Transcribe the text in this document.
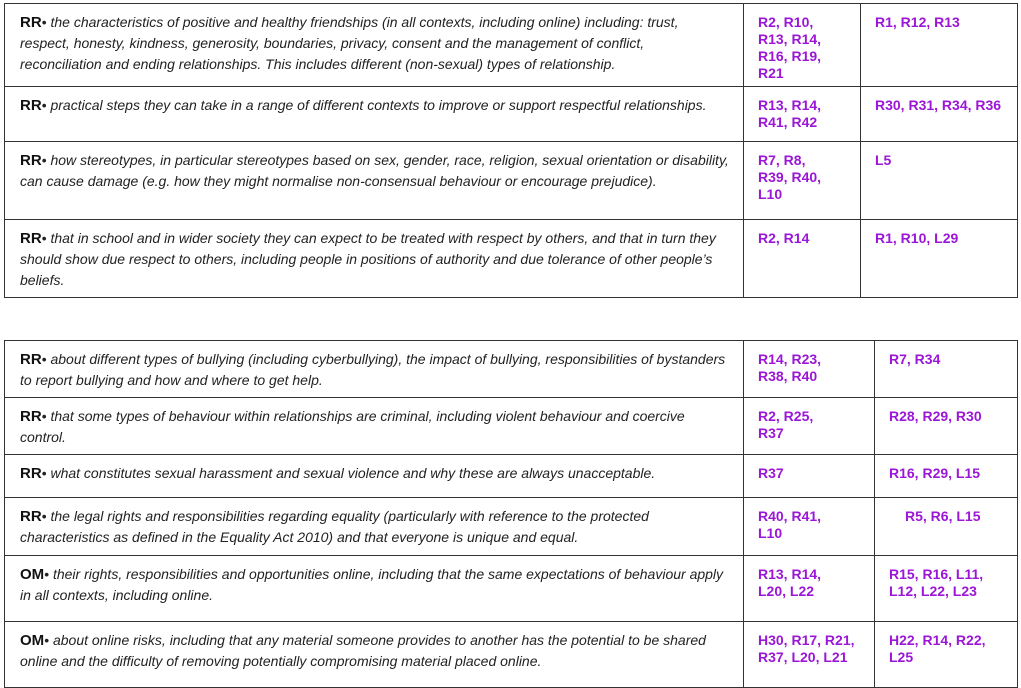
RR• the characteristics of positive and healthy friendships (in all contexts, including online) including: trust, respect, honesty, kindness, generosity, boundaries, privacy, consent and the management of conflict, reconciliation and ending relationships. This includes different (non-sexual) types of relationship.	R2, R10, R13, R14, R16, R19, R21	R1, R12, R13
RR• practical steps they can take in a range of different contexts to improve or support respectful relationships.	R13, R14, R41, R42	R30, R31, R34, R36
RR• how stereotypes, in particular stereotypes based on sex, gender, race, religion, sexual orientation or disability, can cause damage (e.g. how they might normalise non-consensual behaviour or encourage prejudice).	R7, R8, R39, R40, L10	L5
RR• that in school and in wider society they can expect to be treated with respect by others, and that in turn they should show due respect to others, including people in positions of authority and due tolerance of other people’s beliefs.	R2, R14	R1, R10, L29
RR• about different types of bullying (including cyberbullying), the impact of bullying, responsibilities of bystanders to report bullying and how and where to get help.	R14, R23, R38, R40	R7, R34
RR• that some types of behaviour within relationships are criminal, including violent behaviour and coercive control.	R2, R25, R37	R28, R29, R30
RR• what constitutes sexual harassment and sexual violence and why these are always unacceptable.	R37	R16, R29, L15
RR• the legal rights and responsibilities regarding equality (particularly with reference to the protected characteristics as defined in the Equality Act 2010) and that everyone is unique and equal.	R40, R41, L10	R5, R6, L15
OM• their rights, responsibilities and opportunities online, including that the same expectations of behaviour apply in all contexts, including online.	R13, R14, L20, L22	R15, R16, L11, L12, L22, L23
OM• about online risks, including that any material someone provides to another has the potential to be shared online and the difficulty of removing potentially compromising material placed online.	H30, R17, R21, R37, L20, L21	H22, R14, R22, L25
